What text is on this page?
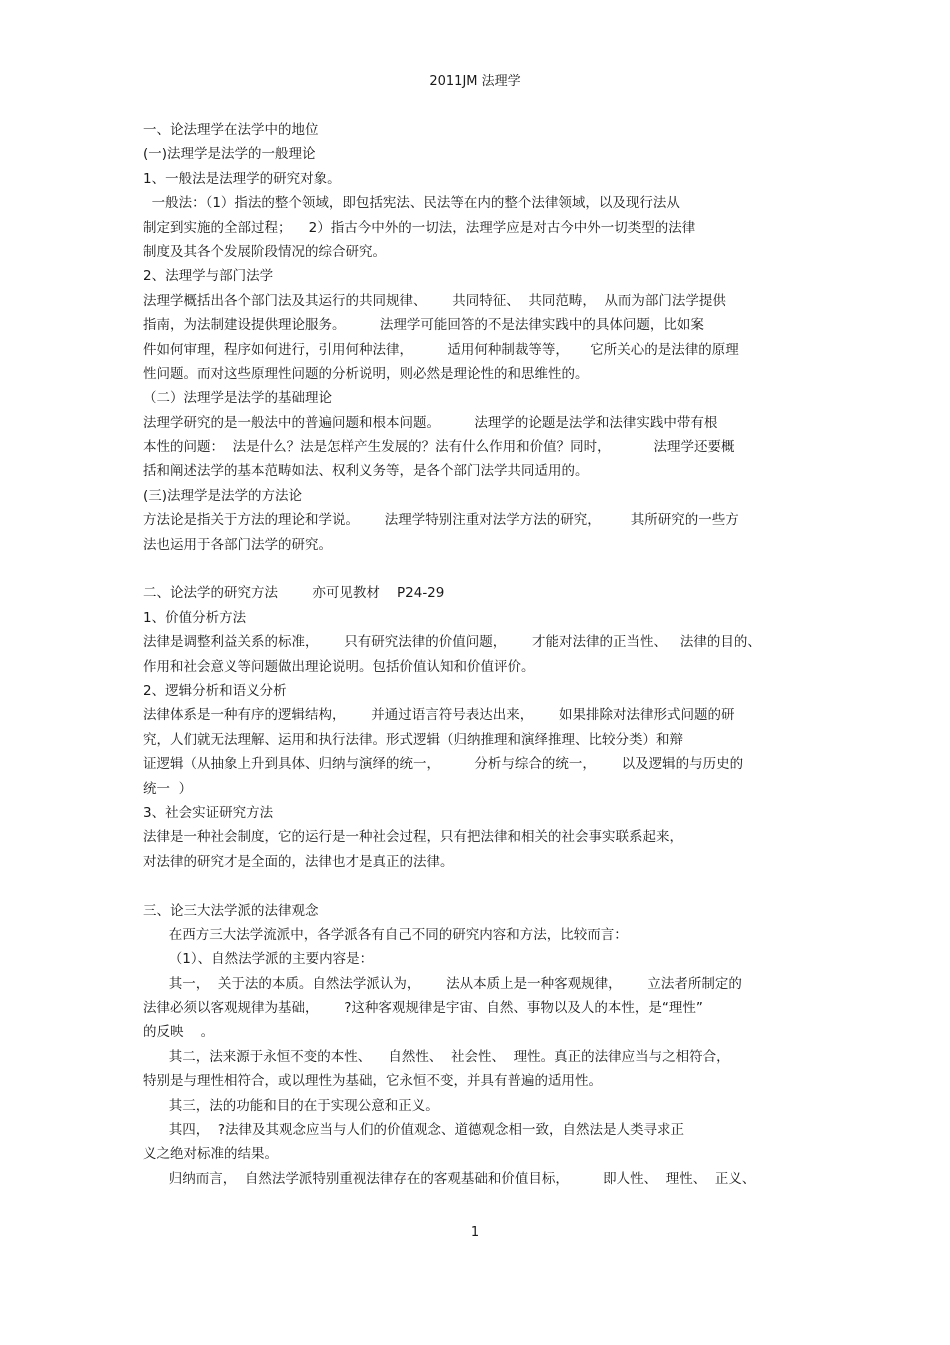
2011JM 法理学
一、论法理学在法学中的地位
(一)法理学是法学的一般理论
1、一般法是法理学的研究对象。
一般法：（1）指法的整个领域，即包括宪法、民法等在内的整个法律领域，以及现行法从
制定到实施的全部过程；    2）指古今中外的一切法，法理学应是对古今中外一切类型的法律
制度及其各个发展阶段情况的综合研究。
2、法理学与部门法学
法理学概括出各个部门法及其运行的共同规律、      共同特征、  共同范畴，  从而为部门法学提供
指南，为法制建设提供理论服务。        法理学可能回答的不是法律实践中的具体问题，比如案
件如何审理，程序如何进行，引用何种法律，        适用何种制裁等等，     它所关心的是法律的原理
性问题。而对这些原理性问题的分析说明，则必然是理论性的和思维性的。
（二）法理学是法学的基础理论
法理学研究的是一般法中的普遍问题和根本问题。        法理学的论题是法学和法律实践中带有根
本性的问题：  法是什么？法是怎样产生发展的？法有什么作用和价值？同时，          法理学还要概
括和阐述法学的基本范畴如法、权利义务等，是各个部门法学共同适用的。
(三)法理学是法学的方法论
方法论是指关于方法的理论和学说。      法理学特别注重对法学方法的研究，       其所研究的一些方
法也运用于各部门法学的研究。
二、论法学的研究方法        亦可见教材    P24-29
1、价值分析方法
法律是调整利益关系的标准，      只有研究法律的价值问题，      才能对法律的正当性、   法律的目的、
作用和社会意义等问题做出理论说明。包括价值认知和价值评价。
2、逻辑分析和语义分析
法律体系是一种有序的逻辑结构，      并通过语言符号表达出来，      如果排除对法律形式问题的研
究，人们就无法理解、运用和执行法律。形式逻辑（归纳推理和演绎推理、比较分类）和辩
证逻辑（从抽象上升到具体、归纳与演绎的统一，        分析与综合的统一，      以及逻辑的与历史的
统一  ）
3、社会实证研究方法
法律是一种社会制度，它的运行是一种社会过程，只有把法律和相关的社会事实联系起来，
对法律的研究才是全面的，法律也才是真正的法律。
三、论三大法学派的法律观念
在西方三大法学流派中，各学派各有自己不同的研究内容和方法，比较而言：
（1）、自然法学派的主要内容是：
其一，  关于法的本质。自然法学派认为，      法从本质上是一种客观规律，      立法者所制定的
法律必须以客观规律为基础，      ?这种客观规律是宇宙、自然、事物以及人的本性，是“理性”
的反映    。
其二，法来源于永恒不变的本性、    自然性、  社会性、  理性。真正的法律应当与之相符合，
特别是与理性相符合，或以理性为基础，它永恒不变，并具有普遍的适用性。
其三，法的功能和目的在于实现公意和正义。
其四，  ?法律及其观念应当与人们的价值观念、道德观念相一致，自然法是人类寻求正
义之绝对标准的结果。
归纳而言，  自然法学派特别重视法律存在的客观基础和价值目标，        即人性、  理性、  正义、
1
